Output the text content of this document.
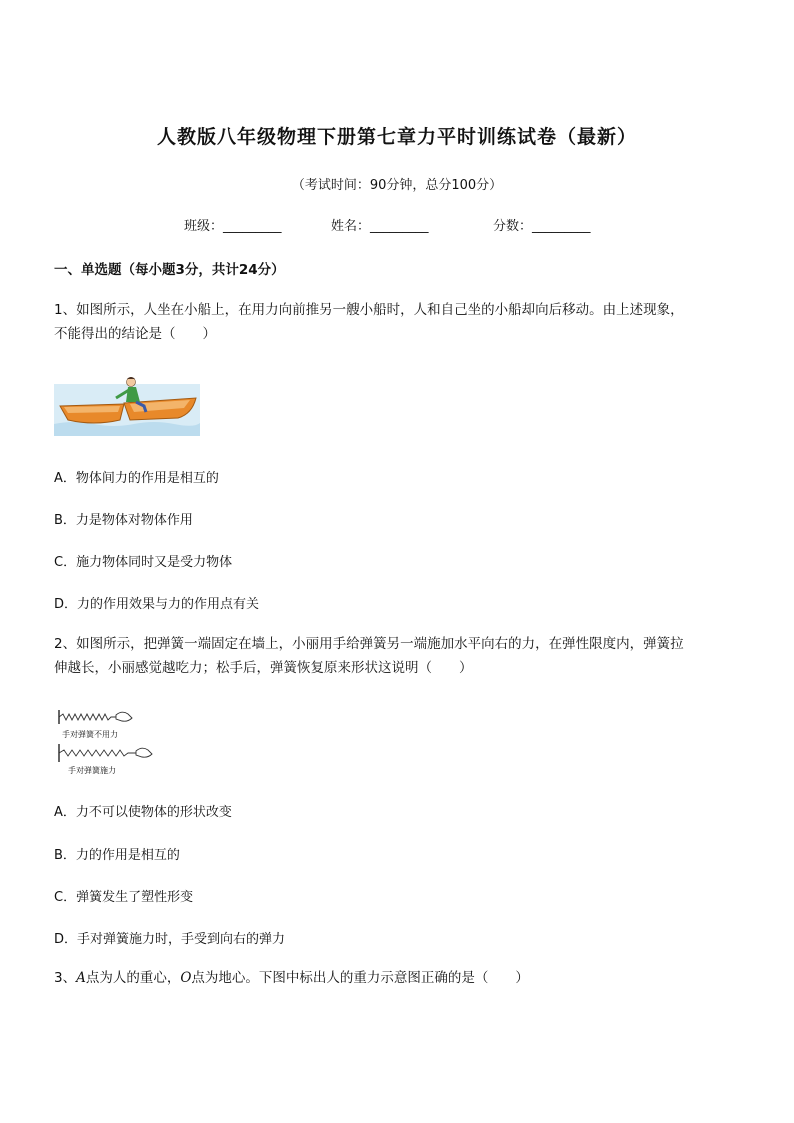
人教版八年级物理下册第七章力平时训练试卷（最新）
（考试时间：90分钟，总分100分）
班级：_________	姓名：_________	分数：_________
一、单选题（每小题3分，共计24分）
1、如图所示，人坐在小船上，在用力向前推另一艘小船时，人和自己坐的小船却向后移动。由上述现象，
不能得出的结论是（　　）
A．物体间力的作用是相互的
B．力是物体对物体作用
C．施力物体同时又是受力物体
D．力的作用效果与力的作用点有关
2、如图所示，把弹簧一端固定在墙上，小丽用手给弹簧另一端施加水平向右的力，在弹性限度内，弹簧拉
伸越长，小丽感觉越吃力；松手后，弹簧恢复原来形状这说明（　　）
手对弹簧不用力
手对弹簧施力
A．力不可以使物体的形状改变
B．力的作用是相互的
C．弹簧发生了塑性形变
D．手对弹簧施力时，手受到向右的弹力
3、A点为人的重心，O点为地心。下图中标出人的重力示意图正确的是（　　）
